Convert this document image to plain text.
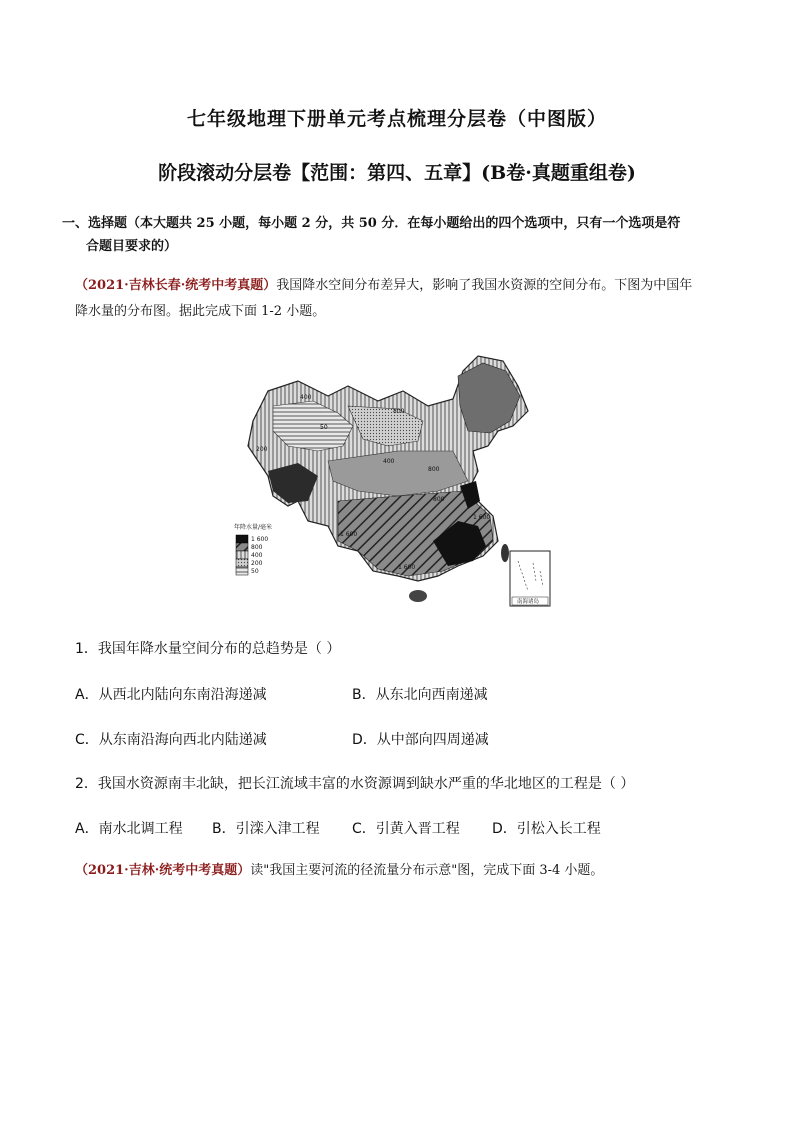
七年级地理下册单元考点梳理分层卷（中图版）
阶段滚动分层卷【范围：第四、五章】(B卷·真题重组卷)
一、选择题（本大题共 25 小题，每小题 2 分，共 50 分．在每小题给出的四个选项中，只有一个选项是符
合题目要求的）
（2021·吉林长春·统考中考真题）我国降水空间分布差异大，影响了我国水资源的空间分布。下图为中国年
降水量的分布图。据此完成下面 1-2 小题。
400
800
200
50
1 600
400
800
1 600
1 600
800
年降水量/毫米
1 600
800
400
200
50
南海诸岛
1．我国年降水量空间分布的总趋势是（ ）
A．从西北内陆向东南沿海递减	B．从东北向西南递减
C．从东南沿海向西北内陆递减	D．从中部向四周递减
2．我国水资源南丰北缺，把长江流域丰富的水资源调到缺水严重的华北地区的工程是（ ）
A．南水北调工程 B．引滦入津工程 C．引黄入晋工程 D．引松入长工程
（2021·吉林·统考中考真题）读"我国主要河流的径流量分布示意"图，完成下面 3-4 小题。
